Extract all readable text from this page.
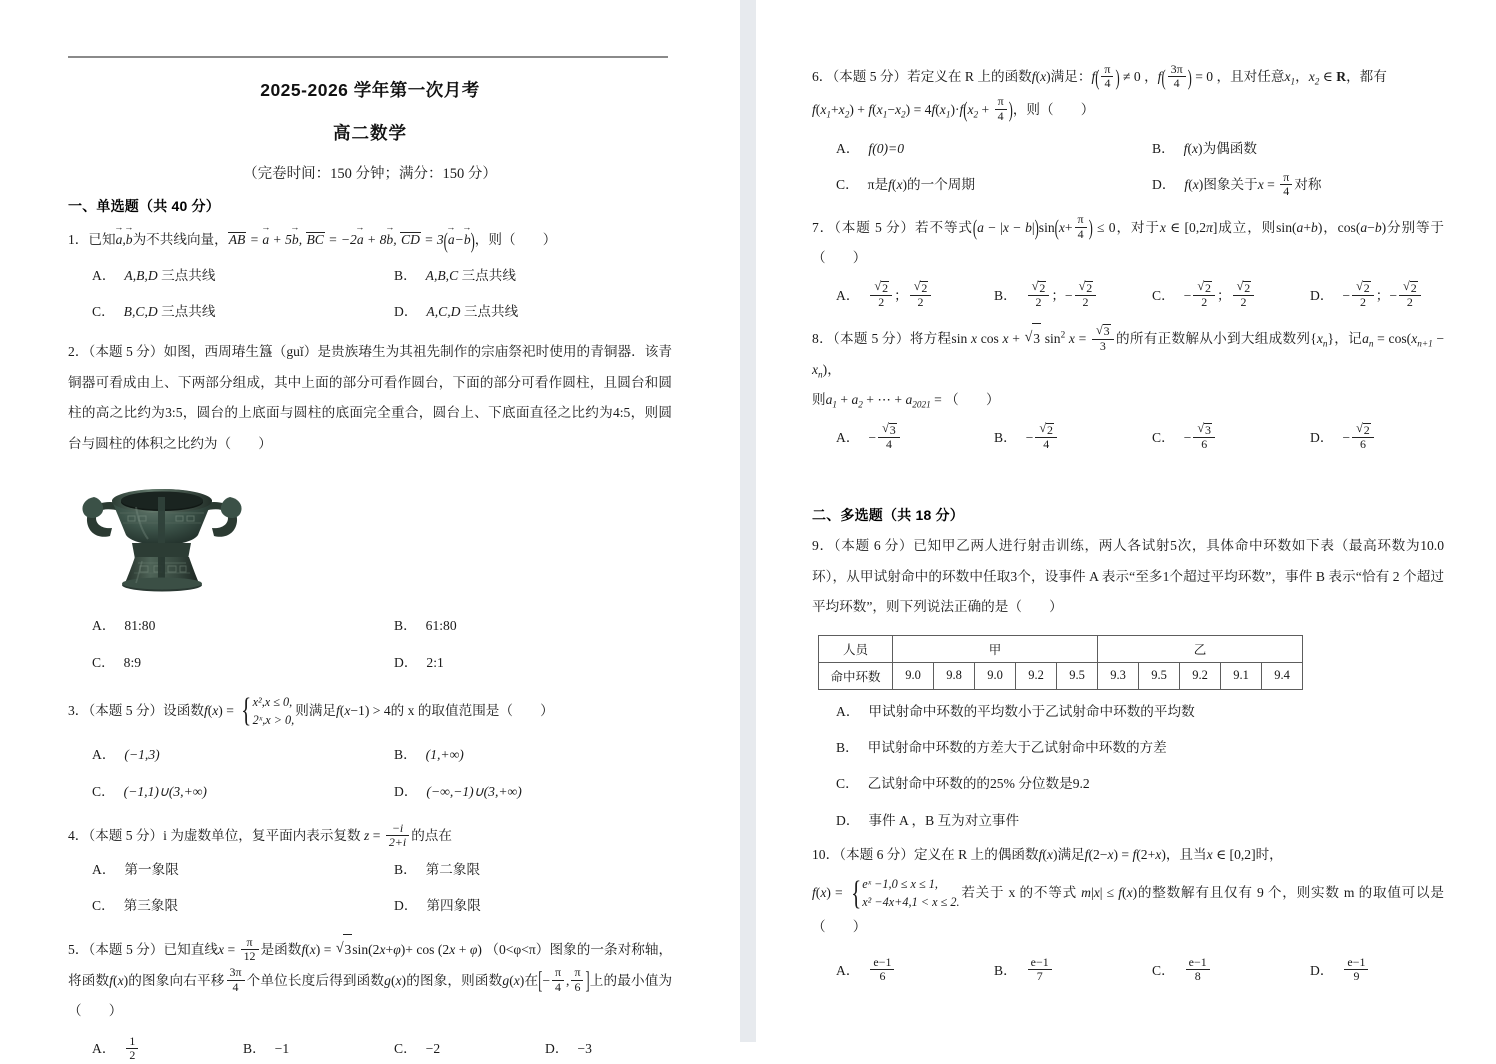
2025-2026 学年第一次月考
高二数学
（完卷时间：150 分钟；满分：150 分）
一、单选题（共 40 分）
1．已知a →,b →为不共线向量，AB = a → + 5b →, BC = −2a → + 8b →, CD = 3(a →−b →)，则（　　）
A． A,B,D 三点共线	B． A,B,C 三点共线
C． B,C,D 三点共线	D． A,C,D 三点共线
2．（本题 5 分）如图，西周瑃生簋（guǐ）是贵族瑃生为其祖先制作的宗庙祭祀时使用的青铜器．该青铜器可看成由上、下两部分组成，其中上面的部分可看作圆台，下面的部分可看作圆柱，且圆台和圆柱的高之比约为3:5，圆台的上底面与圆柱的底面完全重合，圆台上、下底面直径之比约为4:5，则圆台与圆柱的体积之比约为（　　）
A． 81:80	B． 61:80
C． 8:9	D． 2:1
3．（本题 5 分）设函数f(x) = { x²,x ≤ 0,
2ˣ,x > 0,
则满足f(x−1) > 4的 x 的取值范围是（　　）
A． (−1,3)	B． (1,+∞)
C． (−1,1)∪(3,+∞)	D． (−∞,−1)∪(3,+∞)
4．（本题 5 分）i 为虚数单位，复平面内表示复数 $z = \frac{-i}{2+i}$ 的点在
A． 第一象限	B． 第二象限
C． 第三象限	D． 第四象限
5．（本题 5 分）已知直线$x = \frac{\pi}{12}$ 是函数f(x) = √ 3sin(2x+φ)+ cos (2x + φ) （0<φ<π）图象的一条对称轴，将函数f(x)的图象向右平移 $\frac{3\pi}{4}$ 个单位长度后得到函数g(x)的图象，则函数g(x)在[− $\frac{\pi}{4}$ , $\frac{\pi}{6}$ ]上的最小值为（　　）
A． $\frac{1}{2}$	B． −1	C． −2	D． −3
6．（本题 5 分）若定义在 R 上的函数f(x)满足：$f( \frac{\pi}{4}$ ) ≠ 0 ，$f( \frac{3\pi}{4}$ ) = 0 ，且对任意$x_1$，$x_2$ ∈ R，都有
$f(x_1+x_2) + f(x_1-x_2) = 4f(x_1)\cdot f(x_2 + \frac{\pi}{4}$ )，则（　　）
A． f(0)=0	B． f(x)为偶函数
C． π是f(x)的一个周期	D． f(x)图象关于$x = \frac{\pi}{4}$ 对称
7．（本题 5 分）若不等式$(a - |x - b|)\sin(x+ \frac{\pi}{4}$ ) ≤ 0，对于x ∈ [0,2π]成立，则sin(a+b)，cos(a−b)分别等于（　　）
A． √ $\frac{2}{2}$ ； √ $\frac{2}{2}$	B． √ $\frac{2}{2}$ ；− √ $\frac{2}{2}$	C． − √ $\frac{2}{2}$ ； √ $\frac{2}{2}$	D． − √ $\frac{2}{2}$ ；− √ $\frac{2}{2}$
8．（本题 5 分）将方程sin x cos x + √ 3 $\sin^2 x$ = √ $\frac{3}{3}$ 的所有正数解从小到大组成数列$\{x_n\}$，记$a_n = \cos(x_{n+1} - x_n)$，
则$a_1 + a_2$ + ⋯ + $a_{2021}$ = （　　）
A． − √ $\frac{3}{4}$	B． − √ $\frac{2}{4}$	C． − √ $\frac{3}{6}$	D． − √ $\frac{2}{6}$
二、多选题（共 18 分）
9．（本题 6 分）已知甲乙两人进行射击训练，两人各试射5次，具体命中环数如下表（最高环数为10.0环），从甲试射命中的环数中任取3个，设事件 A 表示“至多1个超过平均环数”，事件 B 表示“恰有 2 个超过平均环数”，则下列说法正确的是（　　）
人员	甲					乙				
命中环数	9.0	9.8	9.0	9.2	9.5	9.3	9.5	9.2	9.1	9.4
A． 甲试射命中环数的平均数小于乙试射命中环数的平均数
B． 甲试射命中环数的方差大于乙试射命中环数的方差
C． 乙试射命中环数的的25% 分位数是9.2
D． 事件 A ，B 互为对立事件
10．（本题 6 分）定义在 R 上的偶函数f(x)满足f(2−x) = f(2+x)，且当x ∈ [0,2]时，
f(x) = { eˣ −1,0 ≤ x ≤ 1,
x² −4x+4,1 < x ≤ 2.
若关于 x 的不等式 m|x| ≤ f(x)的整数解有且仅有 9 个，则实数 m 的取值可以是（　　）
A． $\frac{e-1}{6}$	B． $\frac{e-1}{7}$	C． $\frac{e-1}{8}$	D． $\frac{e-1}{9}$
